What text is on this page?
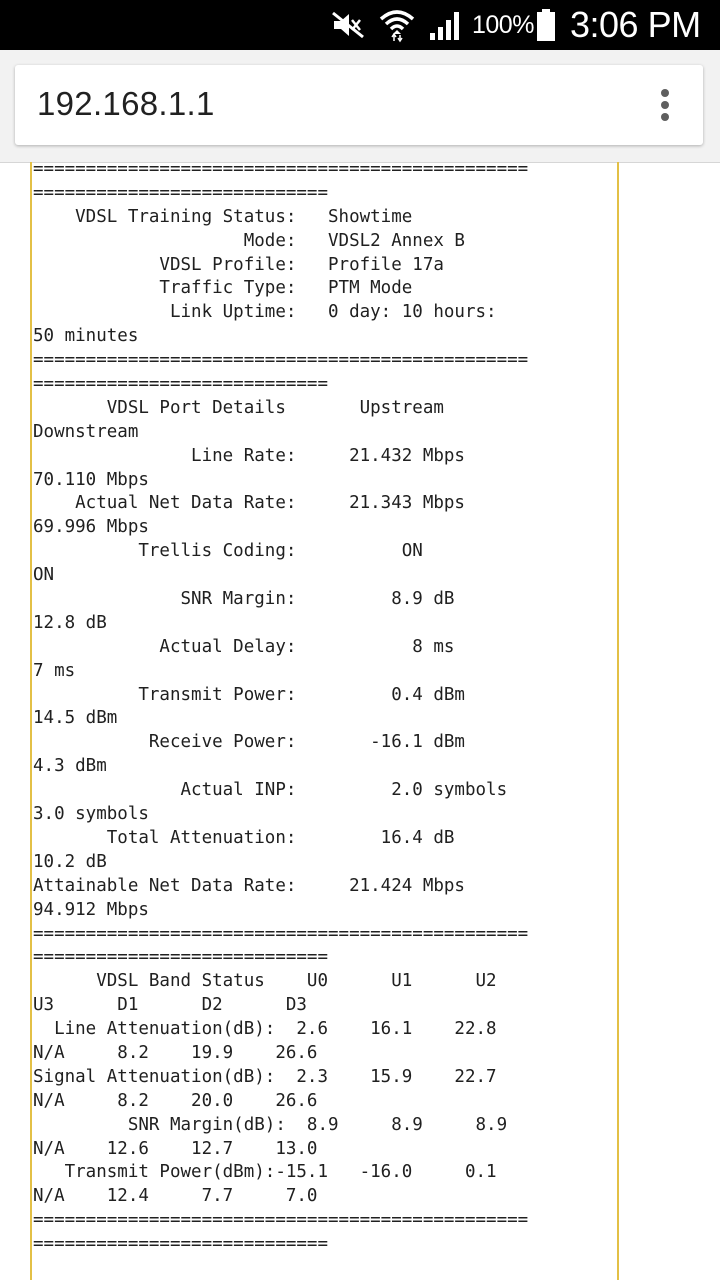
100% 3:06 PM
192.168.1.1
===============================================
============================
VDSL Training Status:   Showtime
Mode:   VDSL2 Annex B
VDSL Profile:   Profile 17a
Traffic Type:   PTM Mode
Link Uptime:   0 day: 10 hours:
50 minutes
===============================================
============================
VDSL Port Details       Upstream
Downstream
Line Rate:     21.432 Mbps
70.110 Mbps
Actual Net Data Rate:     21.343 Mbps
69.996 Mbps
Trellis Coding:          ON
ON
SNR Margin:         8.9 dB
12.8 dB
Actual Delay:           8 ms
7 ms
Transmit Power:         0.4 dBm
14.5 dBm
Receive Power:       -16.1 dBm
4.3 dBm
Actual INP:         2.0 symbols
3.0 symbols
Total Attenuation:        16.4 dB
10.2 dB
Attainable Net Data Rate:     21.424 Mbps
94.912 Mbps
===============================================
============================
VDSL Band Status    U0      U1      U2
U3      D1      D2      D3
Line Attenuation(dB):  2.6    16.1    22.8
N/A     8.2    19.9    26.6
Signal Attenuation(dB):  2.3    15.9    22.7
N/A     8.2    20.0    26.6
SNR Margin(dB):  8.9     8.9     8.9
N/A    12.6    12.7    13.0
Transmit Power(dBm):-15.1   -16.0     0.1
N/A    12.4     7.7     7.0
===============================================
============================
